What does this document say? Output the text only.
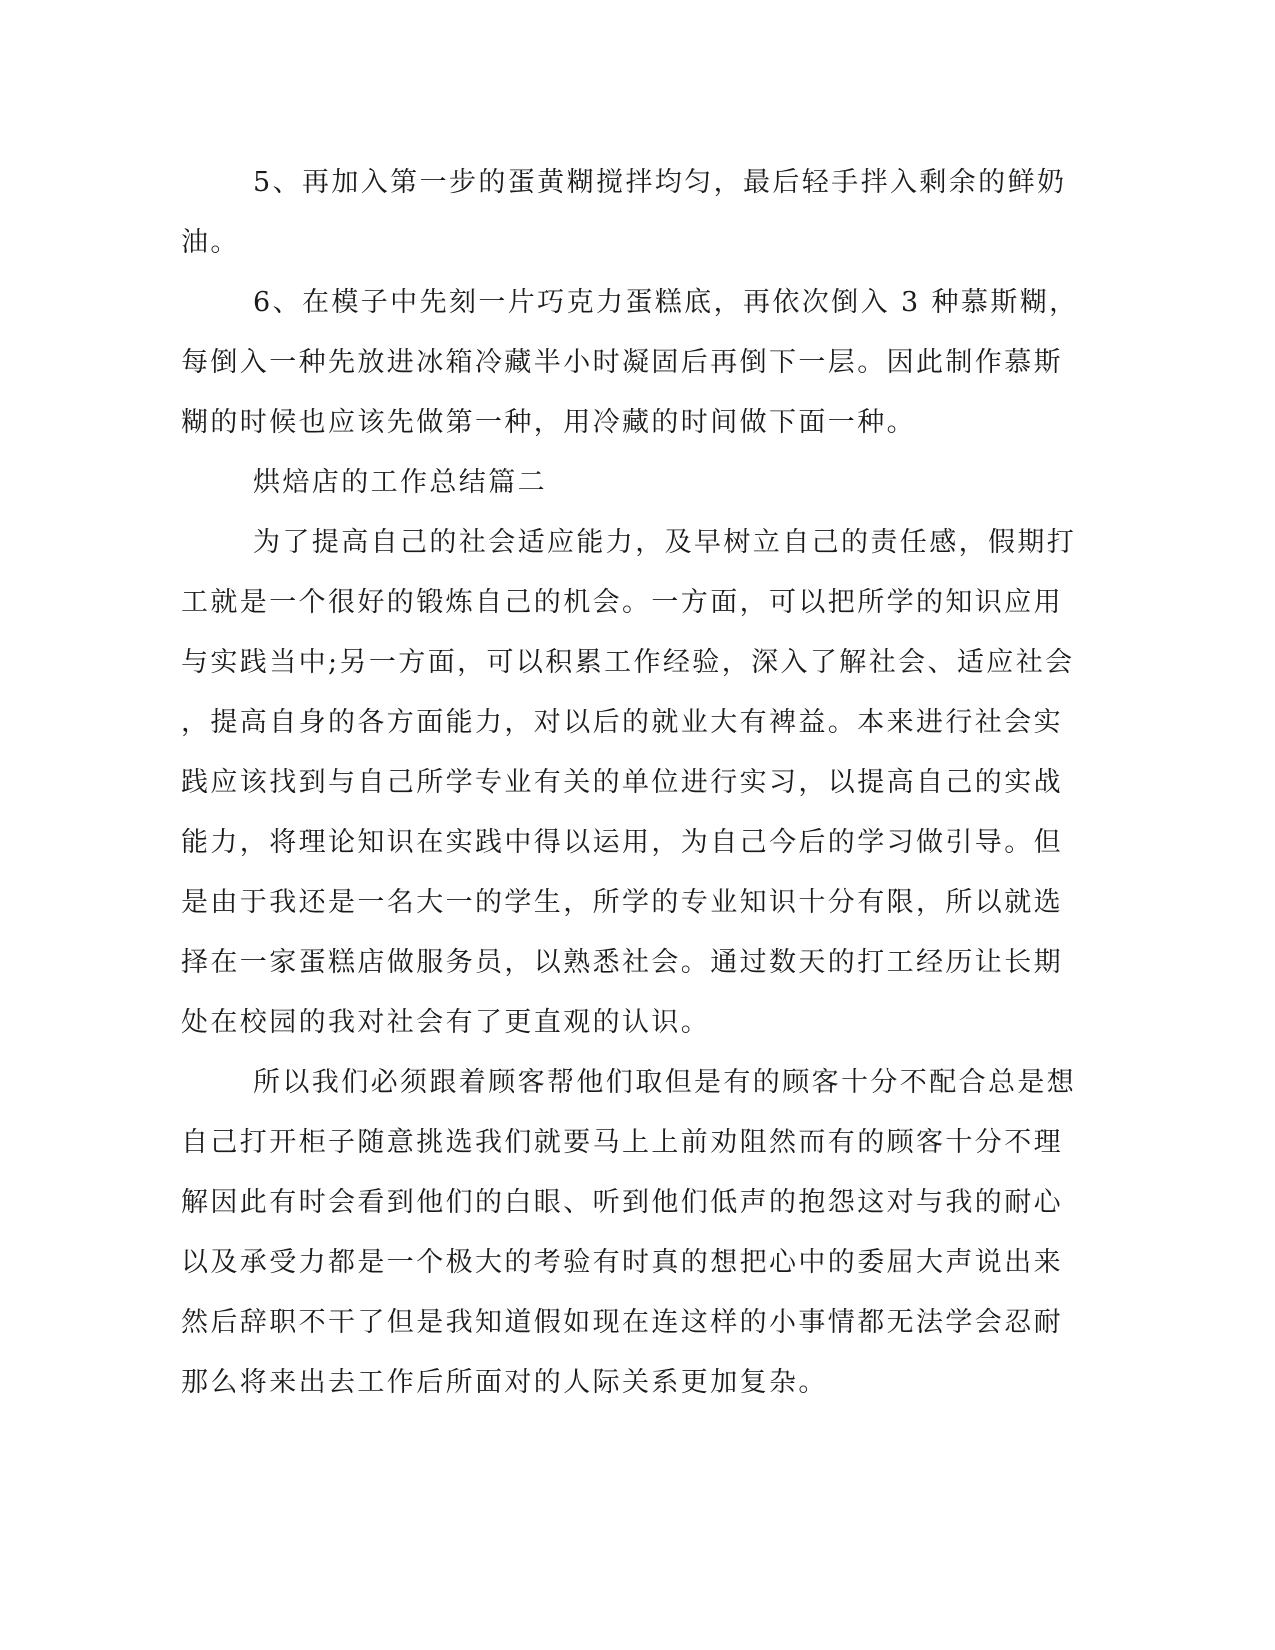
5、再加入第一步的蛋黄糊搅拌均匀，最后轻手拌入剩余的鲜奶
油。
6、在模子中先刻一片巧克力蛋糕底，再依次倒入 3 种慕斯糊，
每倒入一种先放进冰箱冷藏半小时凝固后再倒下一层。因此制作慕斯
糊的时候也应该先做第一种，用冷藏的时间做下面一种。
烘焙店的工作总结篇二
为了提高自己的社会适应能力，及早树立自己的责任感，假期打
工就是一个很好的锻炼自己的机会。一方面，可以把所学的知识应用
与实践当中;另一方面，可以积累工作经验，深入了解社会、适应社会
，提高自身的各方面能力，对以后的就业大有裨益。本来进行社会实
践应该找到与自己所学专业有关的单位进行实习，以提高自己的实战
能力，将理论知识在实践中得以运用，为自己今后的学习做引导。但
是由于我还是一名大一的学生，所学的专业知识十分有限，所以就选
择在一家蛋糕店做服务员，以熟悉社会。通过数天的打工经历让长期
处在校园的我对社会有了更直观的认识。
所以我们必须跟着顾客帮他们取但是有的顾客十分不配合总是想
自己打开柜子随意挑选我们就要马上上前劝阻然而有的顾客十分不理
解因此有时会看到他们的白眼、听到他们低声的抱怨这对与我的耐心
以及承受力都是一个极大的考验有时真的想把心中的委屈大声说出来
然后辞职不干了但是我知道假如现在连这样的小事情都无法学会忍耐
那么将来出去工作后所面对的人际关系更加复杂。
